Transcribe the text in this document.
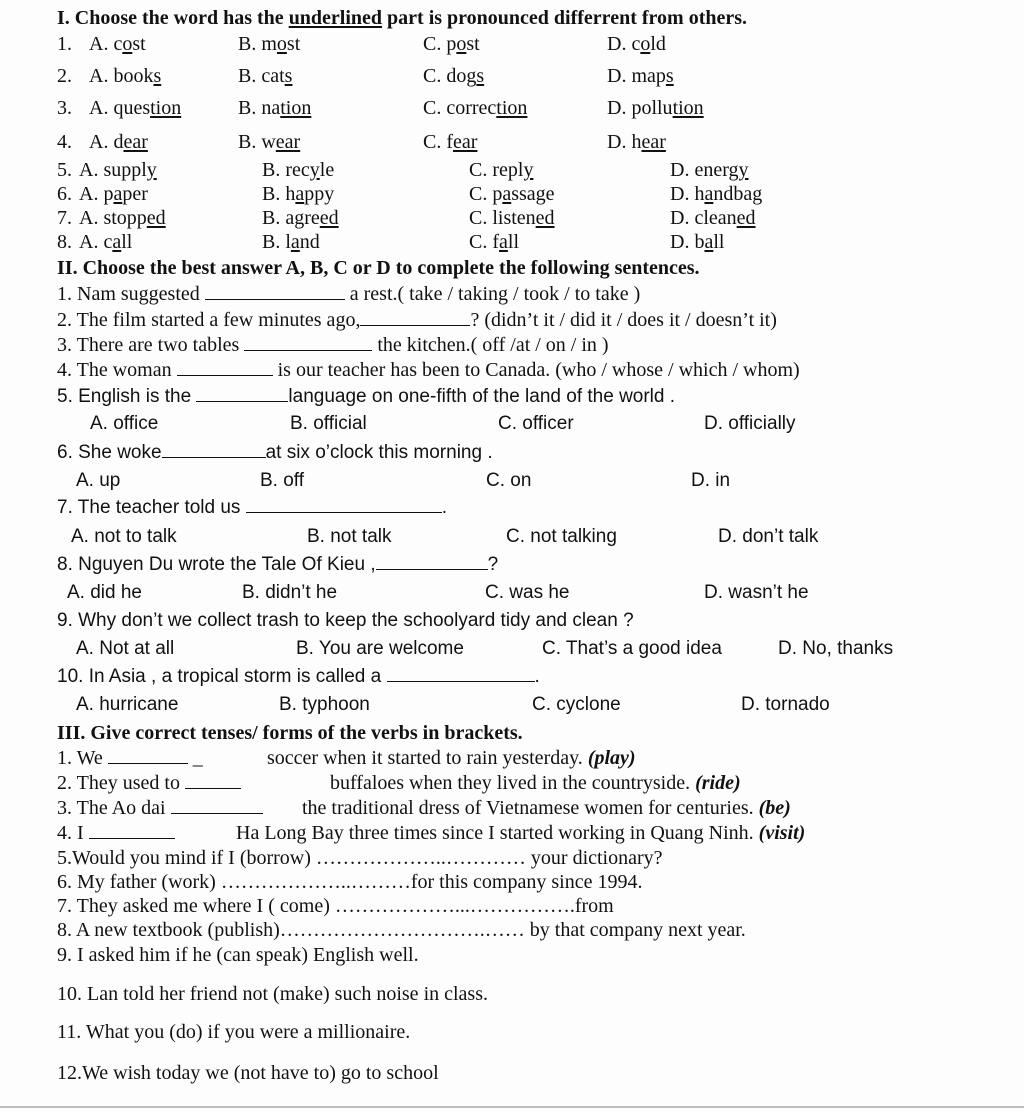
I. Choose the word has the underlined part is pronounced differrent from others.
1. A. cost	B. most	C. post	D. cold
2. A. books	B. cats	C. dogs	D. maps
3. A. question	B. nation	C. correction	D. pollution
4. A. dear	B. wear	C. fear	D. hear
5. A. supply	B. recyle	C. reply	D. energy
6. A. paper	B. happy	C. passage	D. handbag
7. A. stopped	B. agreed	C. listened	D. cleaned
8. A. call	B. land	C. fall	D. ball
II. Choose the best answer A, B, C or D to complete the following sentences.
1. Nam suggested	a rest.( take / taking / took / to take )
2. The film started a few minutes ago,	? (didn’t it / did it / does it / doesn’t it)
3. There are two tables	the kitchen.( off /at / on / in )
4. The woman	is our teacher has been to Canada. (who / whose / which / whom)
5. English is the	language on one-fifth of the land of the world .
A. office	B. official	C. officer	D. officially
6. She woke	at six o’clock this morning .
A. up	B. off	C. on	D. in
7. The teacher told us	.
A. not to talk	B. not talk	C. not talking	D. don’t talk
8. Nguyen Du wrote the Tale Of Kieu ,	?
A. did he	B. didn’t he	C. was he	D. wasn’t he
9. Why don’t we collect trash to keep the schoolyard tidy and clean ?
A. Not at all	B. You are welcome	C. That’s a good idea	D. No, thanks
10. In Asia , a tropical storm is called a	.
A. hurricane	B. typhoon	C. cyclone	D. tornado
III. Give correct tenses/ forms of the verbs in brackets.
1. We	_	soccer when it started to rain yesterday. (play)
2. They used to	buffaloes when they lived in the countryside. (ride)
3. The Ao dai	the traditional dress of Vietnamese women for centuries. (be)
4. I	Ha Long Bay three times since I started working in Quang Ninh. (visit)
5.Would you mind if I (borrow) ………………..………… your dictionary?
6. My father (work) ………………..………for this company since 1994.
7. They asked me where I ( come) ………………...…………….from
8. A new textbook (publish)………………………….…… by that company next year.
9. I asked him if he (can speak) English well.
10. Lan told her friend not (make) such noise in class.
11. What you (do) if you were a millionaire.
12.We wish today we (not have to) go to school
